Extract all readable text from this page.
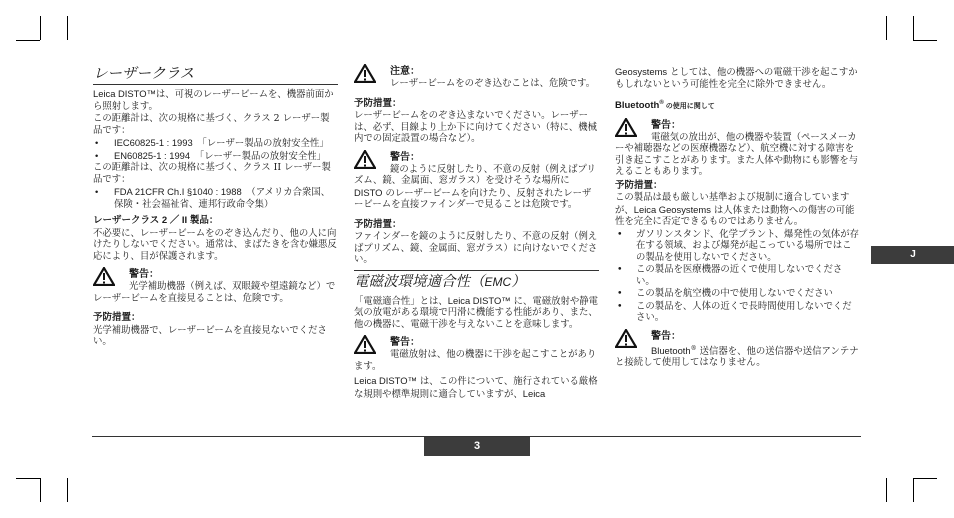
レーザークラス

Leica DISTO™は、可視のレーザービームを、機器前面から照射します。

この距離計は、次の規格に基づく、クラス 2 レーザー製品です：

• IEC60825-1 : 1993　「レーザー製品の放射安全性」
• EN60825-1 : 1994　「レーザー製品の放射安全性」

この距離計は、次の規格に基づく、クラス II レーザー製品です：

• FDA 21CFR Ch.I §1040 : 1988　（アメリカ合衆国、保険・社会福祉省、連邦行政命令集）
レーザークラス 2 ／ II 製品：

不必要に、レーザービームをのぞき込んだり、他の人に向けたりしないでください。通常は、まばたきを含む嫌悪反応により、目が保護されます。

警告：

光学補助機器（例えば、双眼鏡や望遠鏡など）でレーザービームを直接見ることは、危険です。

予防措置：

光学補助機器で、レーザービームを直接見ないでください。

注意：

レーザービームをのぞき込むことは、危険です。

予防措置：

レーザービームをのぞき込まないでください。レーザーは、必ず、目線より上か下に向けてください（特に、機械内での固定設置の場合など）。

警告：

鏡のように反射したり、不意の反射（例えばプリズム、鏡、金属面、窓ガラス）を受けそうな場所に DISTO のレーザービームを向けたり、反射されたレーザービームを直接ファインダーで見ることは危険です。

予防措置：

ファインダーを鏡のように反射したり、不意の反射（例えばプリズム、鏡、金属面、窓ガラス）に向けないでください。

電磁波環境適合性（EMC）

「電磁適合性」とは、Leica DISTO™ に、電磁放射や静電気の放電がある環境で円滑に機能する性能があり、また、他の機器に、電磁干渉を与えないことを意味します。

警告：

電磁放射は、他の機器に干渉を起こすことがあります。

Leica DISTO™ は、この件について、施行されている厳格な規則や標準規則に適合していますが、Leica

Geosystems としては、他の機器への電磁干渉を起こすかもしれないという可能性を完全に除外できません。

Bluetooth® の使用に関して
警告：

電磁気の放出が、他の機器や装置（ペースメーカーや補聴器などの医療機器など）、航空機に対する障害を引き起こすことがあります。また人体や動物にも影響を与えることもあります。

予防措置：

この製品は最も厳しい基準および規制に適合していますが、Leica Geosystems は人体または動物への傷害の可能性を完全に否定できるものではありません。

• ガソリンスタンド、化学プラント、爆発性の気体が存在する領域、および爆発が起こっている場所ではこの製品を使用しないでください。
• この製品を医療機器の近くで使用しないでください。
• この製品を航空機の中で使用しないでください
• この製品を、人体の近くで長時間使用しないでください。
警告：

Bluetooth® 送信器を、他の送信器や送信アンテナと接続して使用してはなりません。

J
3
